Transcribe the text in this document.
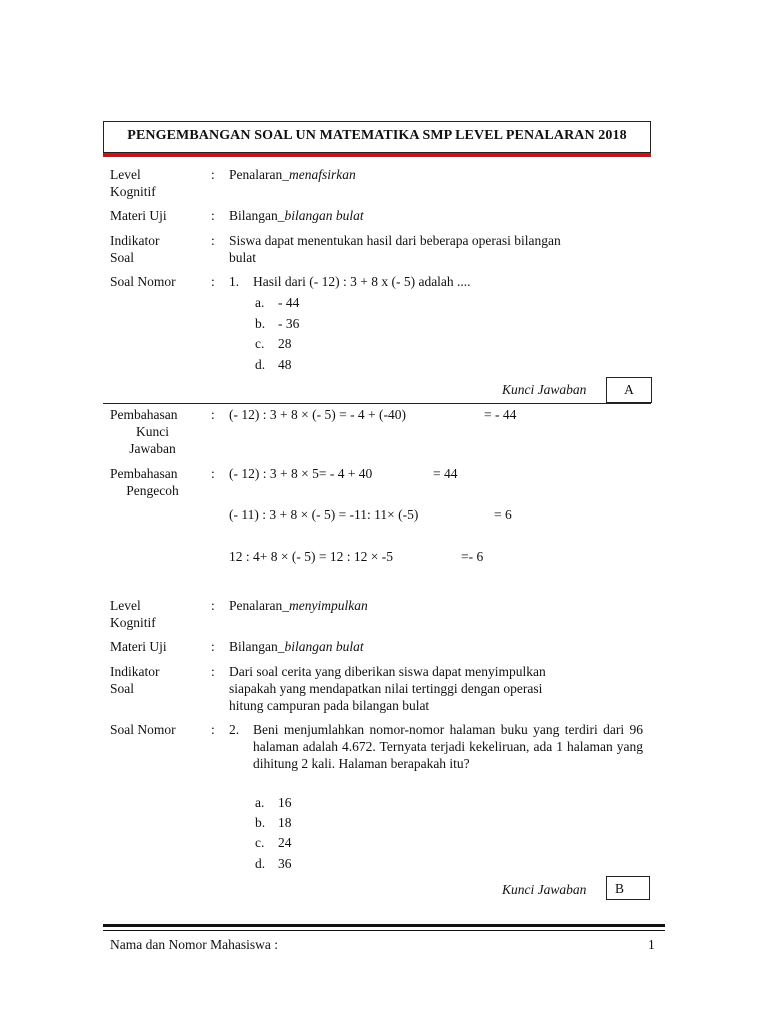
PENGEMBANGAN SOAL UN MATEMATIKA SMP LEVEL PENALARAN 2018
Level
Kognitif
: Penalaran_menafsirkan
Materi Uji	: Bilangan_bilangan bulat
Indikator
Soal
: Siswa dapat menentukan hasil dari beberapa operasi bilangan
bulat
Soal Nomor	: 1. Hasil dari (- 12) : 3 + 8 x (- 5) adalah ....
a. - 44
b. - 36
c. 28
d. 48
Kunci Jawaban	A
Pembahasan
Kunci
Jawaban
: (- 12) : 3 + 8 × (- 5) = - 4 + (-40)	= - 44
Pembahasan
Pengecoh
: (- 12) : 3 + 8 × 5= - 4 + 40	= 44
(- 11) : 3 + 8 × (- 5) = -11: 11× (-5)	= 6
12 : 4+ 8 × (- 5) = 12 : 12 × -5	=- 6
Level
Kognitif
: Penalaran_menyimpulkan
Materi Uji	: Bilangan_bilangan bulat
Indikator
Soal
: Dari soal cerita yang diberikan siswa dapat menyimpulkan
siapakah yang mendapatkan nilai tertinggi dengan operasi
hitung campuran pada bilangan bulat
Soal Nomor	: 2. Beni menjumlahkan nomor-nomor halaman buku yang terdiri dari 96 halaman adalah 4.672. Ternyata terjadi kekeliruan, ada 1 halaman yang dihitung 2 kali. Halaman berapakah itu?
a. 16
b. 18
c. 24
d. 36
Kunci Jawaban	B
Nama dan Nomor Mahasiswa :	1
